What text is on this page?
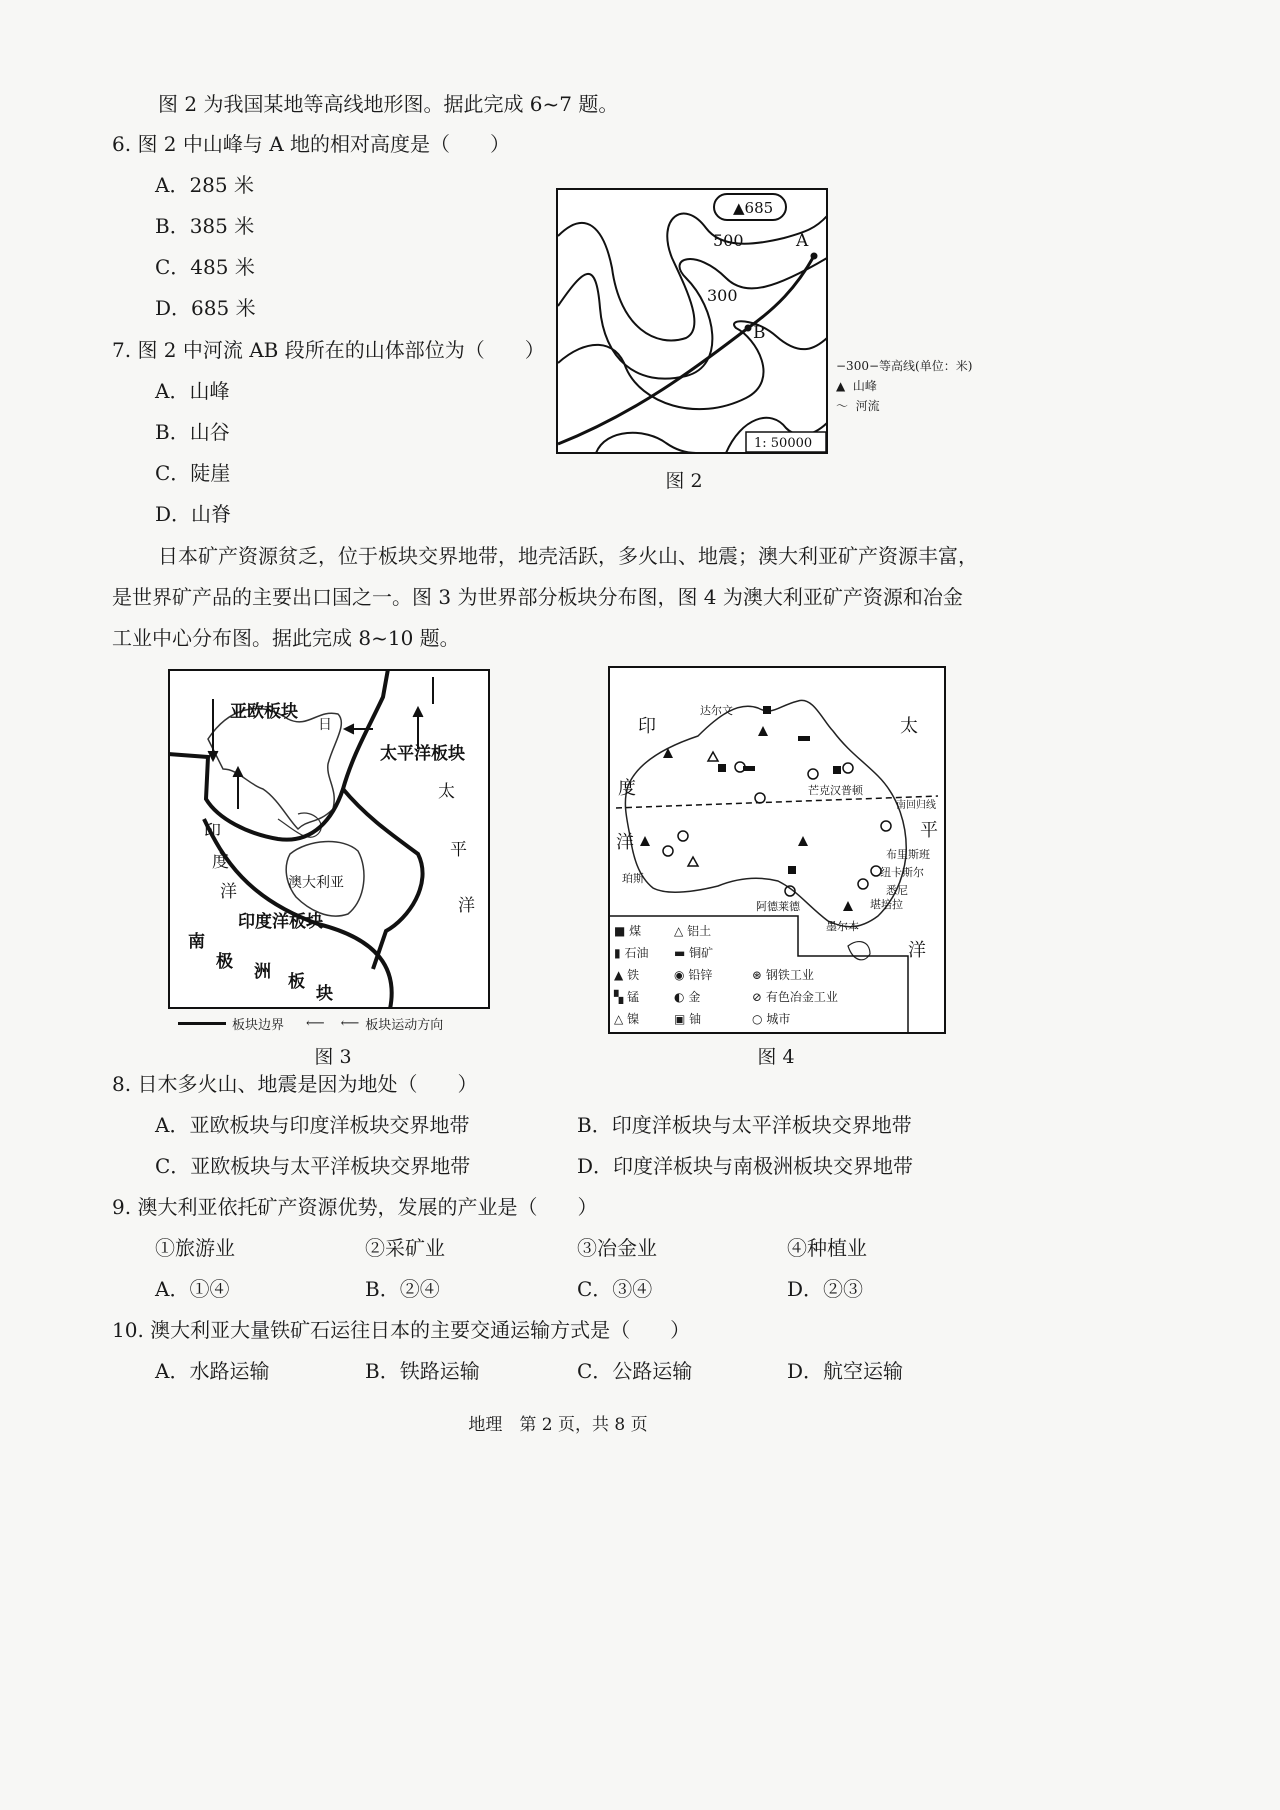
图 2 为我国某地等高线地形图。据此完成 6~7 题。
6. 图 2 中山峰与 A 地的相对高度是（　　）
A．285 米
B．385 米
C．485 米
D．685 米
7. 图 2 中河流 AB 段所在的山体部位为（　　）
A．山峰
B．山谷
C．陡崖
D．山脊
▲685
A
B
500
300
1: 50000
−300−等高线(单位：米)
▲ 山峰
〜 河流
图 2
日本矿产资源贫乏，位于板块交界地带，地壳活跃，多火山、地震；澳大利亚矿产资源丰富，
是世界矿产品的主要出口国之一。图 3 为世界部分板块分布图，图 4 为澳大利亚矿产资源和冶金
工业中心分布图。据此完成 8~10 题。
亚欧板块
日
太平洋板块
太
平
洋
印
度
洋	澳大利亚
印度洋板块
南
极 洲 板
块
板块边界 ⟵ ⟵ 板块运动方向
图 3
印
度
洋
太
平
洋
达尔文
芒克汉普顿
南回归线
布里斯班
纽卡斯尔
悉尼
堪培拉
珀斯
阿德莱德
墨尔本
■ 煤	△ 铝土
▮ 石油	▬ 铜矿
▲ 铁	◉ 铅锌	⊛ 钢铁工业
▚ 锰	◐ 金	⊘ 有色冶金工业
△ 镍	▣ 铀	○ 城市
图 4
8. 日木多火山、地震是因为地处（　　）
A．亚欧板块与印度洋板块交界地带	B．印度洋板块与太平洋板块交界地带
C．亚欧板块与太平洋板块交界地带	D．印度洋板块与南极洲板块交界地带
9. 澳大利亚依托矿产资源优势，发展的产业是（　　）
①旅游业	②采矿业	③冶金业	④种植业
A．①④	B．②④	C．③④	D．②③
10. 澳大利亚大量铁矿石运往日本的主要交通运输方式是（　　）
A．水路运输	B．铁路运输	C．公路运输	D．航空运输
地理　第 2 页，共 8 页
